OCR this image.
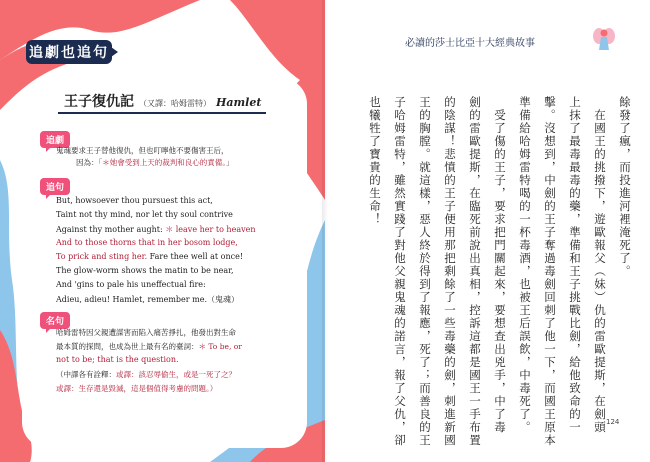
追劇也追句
王子復仇記 （又譯：哈姆雷特） Hamlet
追劇
鬼魂要求王子替他復仇，但也叮嚀他不要傷害王后，
因為：「＊她會受到上天的裁判和良心的責備。」
追句
But, howsoever thou pursuest this act,
Taint not thy mind, nor let thy soul contrive
Against thy mother aught: ＊ leave her to heaven
And to those thorns that in her bosom lodge,
To prick and sting her. Fare thee well at once!
The glow-worm shows the matin to be near,
And 'gins to pale his uneffectual fire:
Adieu, adieu! Hamlet, remember me.（鬼魂）
名句
哈姆雷特因父親遭謀害而陷入痛苦掙扎，他發出對生命
最本質的探問，也成為世上最有名的臺詞：＊ To be, or
not to be; that is the question.
（中譯各有詮釋：或譯：該忍辱偷生，或是一死了之？
或譯：生存還是毀滅，這是個值得考慮的問題。）
必讀的莎士比亞十大經典故事
餘發了瘋，而投進河裡淹死了。
　在國王的挑撥下，遊歐報父（妹）仇的雷歐提斯，在劍頭
上抹了最毒最毒的藥，準備和王子挑戰比劍，給他致命的一
擊。沒想到，中劍的王子奪過毒劍回刺了他一下，而國王原本
準備給哈姆雷特喝的一杯毒酒，也被王后誤飲，中毒死了。
　受了傷的王子，要求把門關起來，要想查出兇手，中了毒
劍的雷歐提斯，在臨死前說出真相，控訴這都是國王一手布置
的陰謀！悲憤的王子便用那把剩餘了一些毒藥的劍，刺進新國
王的胸膛。就這樣，惡人終於得到了報應，死了；而善良的王
子哈姆雷特，雖然實踐了對他父親鬼魂的諾言，報了父仇，卻
也犧牲了寶貴的生命！
124
